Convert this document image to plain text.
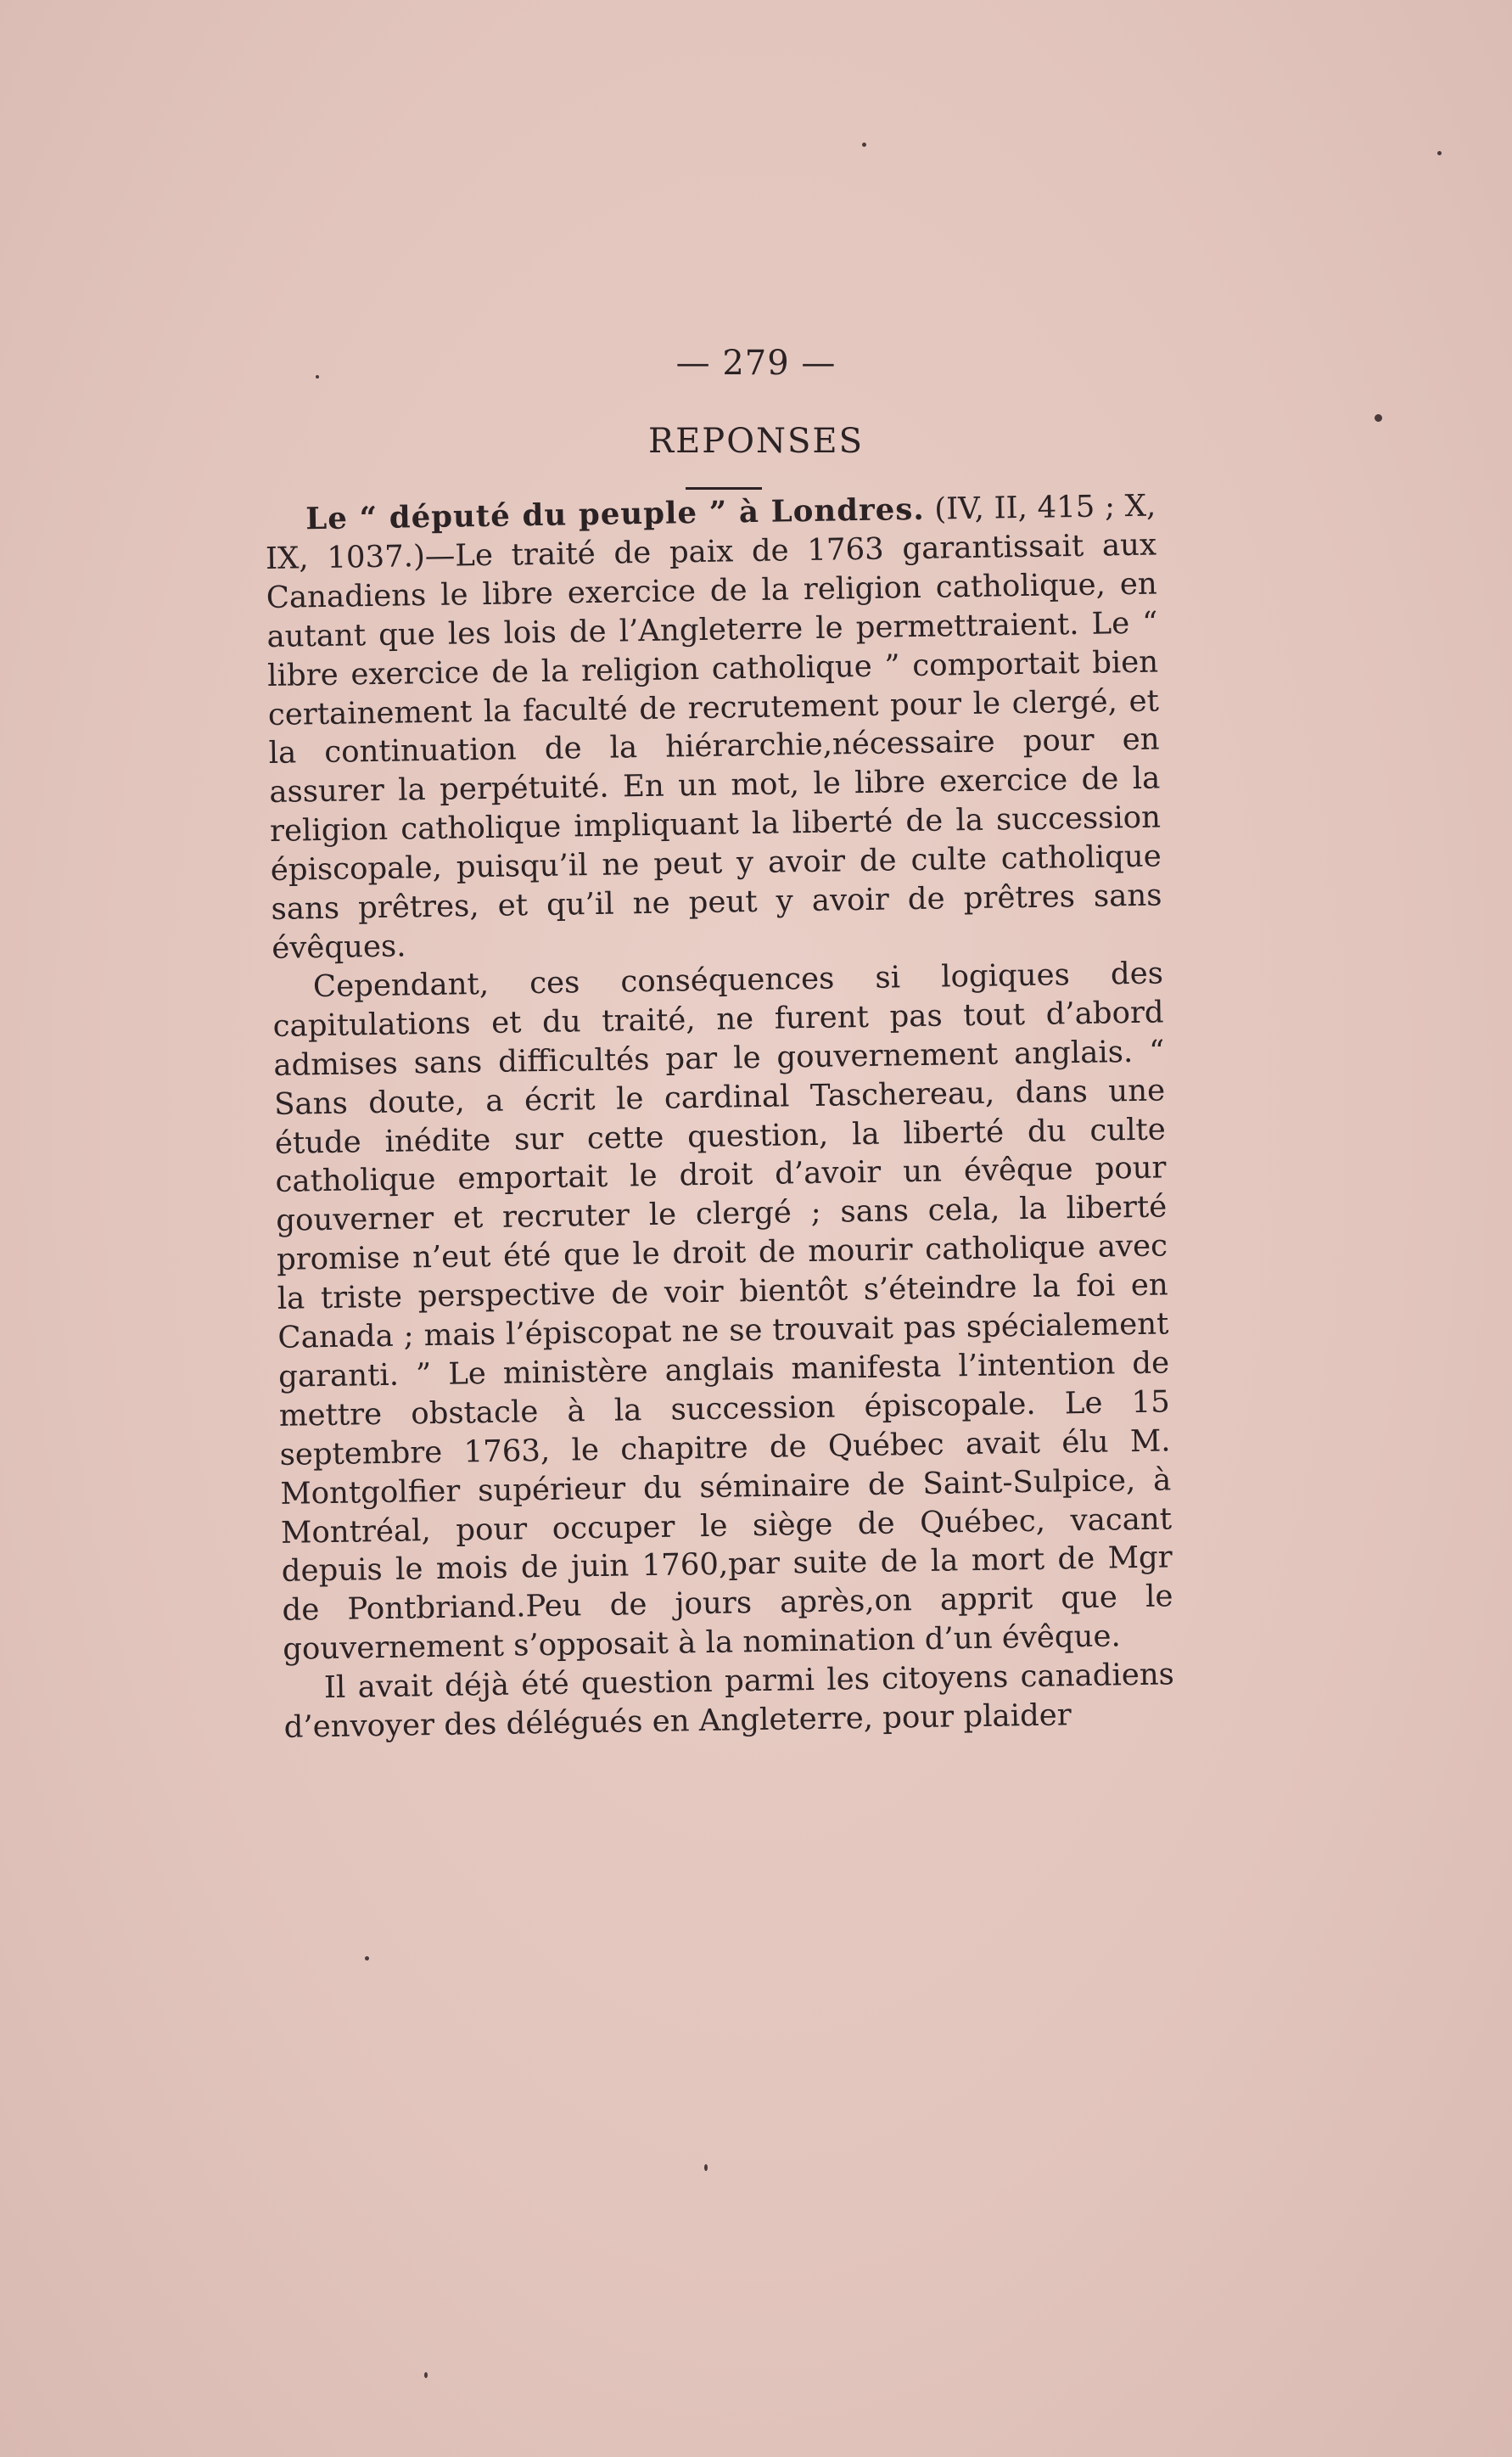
— 279 —
REPONSES

Le “ député du peuple ” à Londres. (IV, II, 415 ; X, IX, 1037.)—Le traité de paix de 1763 garantissait aux Canadiens le libre exercice de la religion catholique, en autant que les lois de l’Angleterre le permettraient. Le “ libre exercice de la religion catholique ” comportait bien certainement la faculté de recrutement pour le clergé, et la continuation de la hiérarchie,nécessaire pour en assurer la perpétuité. En un mot, le libre exercice de la religion catholique impliquant la liberté de la succession épiscopale, puisqu’il ne peut y avoir de culte catholique sans prêtres, et qu’il ne peut y avoir de prêtres sans évêques.

Cependant, ces conséquences si logiques des capitulations et du traité, ne furent pas tout d’abord admises sans difficultés par le gouvernement anglais. “ Sans doute, a écrit le cardinal Taschereau, dans une étude inédite sur cette question, la liberté du culte catholique emportait le droit d’avoir un évêque pour gouverner et recruter le clergé ; sans cela, la liberté promise n’eut été que le droit de mourir catholique avec la triste perspective de voir bientôt s’éteindre la foi en Canada ; mais l’épiscopat ne se trouvait pas spécialement garanti. ” Le ministère anglais manifesta l’intention de mettre obstacle à la succession épiscopale. Le 15 septembre 1763, le chapitre de Québec avait élu M. Montgolfier supérieur du séminaire de Saint-Sulpice, à Montréal, pour occuper le siège de Québec, vacant depuis le mois de juin 1760,par suite de la mort de Mgr de Pontbriand.Peu de jours après,on apprit que le gouvernement s’opposait à la nomination d’un évêque.

Il avait déjà été question parmi les citoyens canadiens d’envoyer des délégués en Angleterre, pour plaider
